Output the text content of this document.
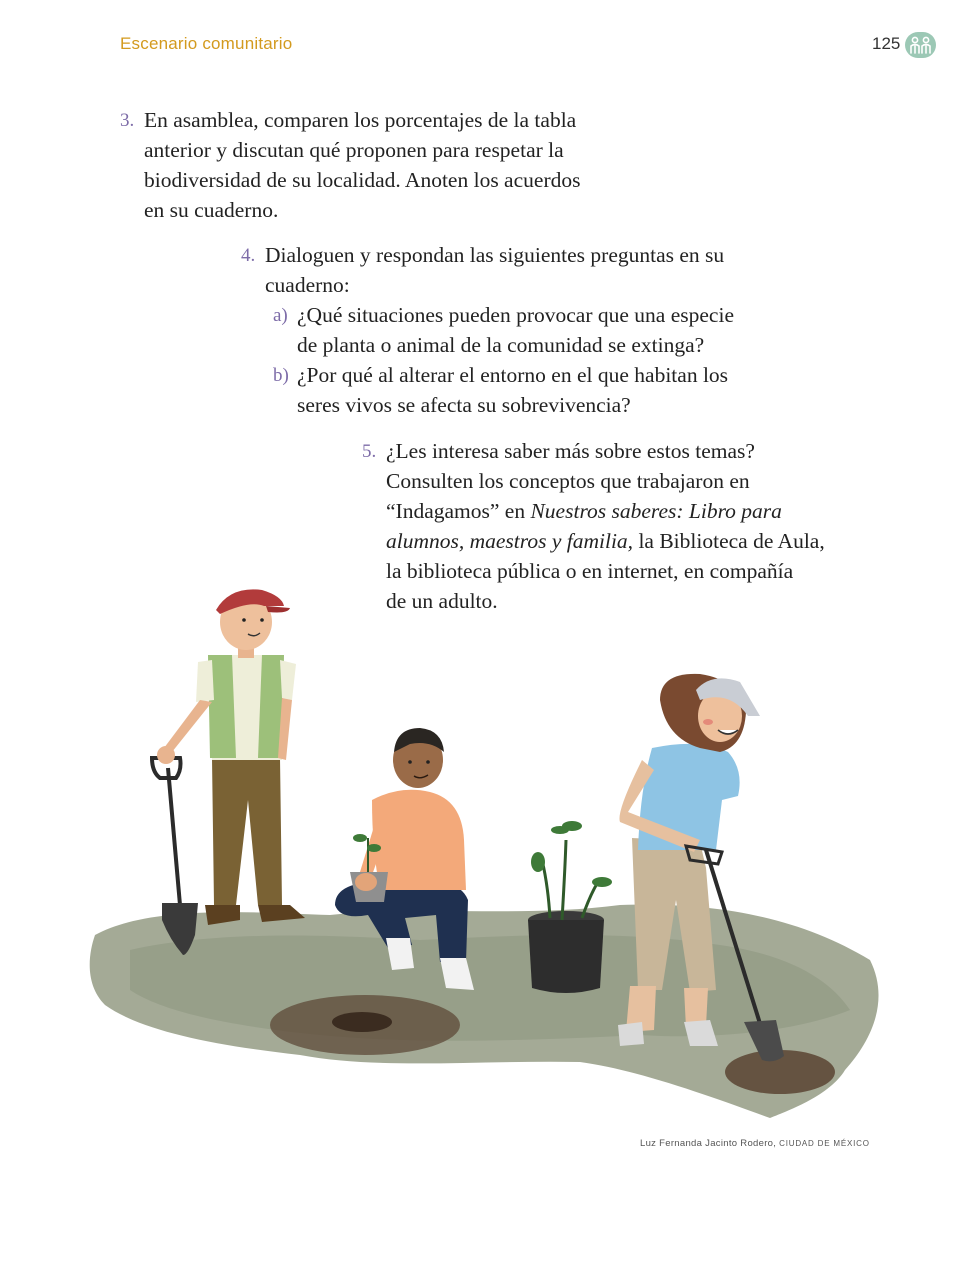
Escenario comunitario	125
3. En asamblea, comparen los porcentajes de la tabla
anterior y discutan qué proponen para respetar la
biodiversidad de su localidad. Anoten los acuerdos
en su cuaderno.
4. Dialoguen y respondan las siguientes preguntas en su
cuaderno:
a) ¿Qué situaciones pueden provocar que una especie
de planta o animal de la comunidad se extinga?
b) ¿Por qué al alterar el entorno en el que habitan los
seres vivos se afecta su sobrevivencia?
5. ¿Les interesa saber más sobre estos temas?
Consulten los conceptos que trabajaron en
“Indagamos” en Nuestros saberes: Libro para
alumnos, maestros y familia, la Biblioteca de Aula,
la biblioteca pública o en internet, en compañía
de un adulto.
Luz Fernanda Jacinto Rodero, CIUDAD DE MÉXICO
